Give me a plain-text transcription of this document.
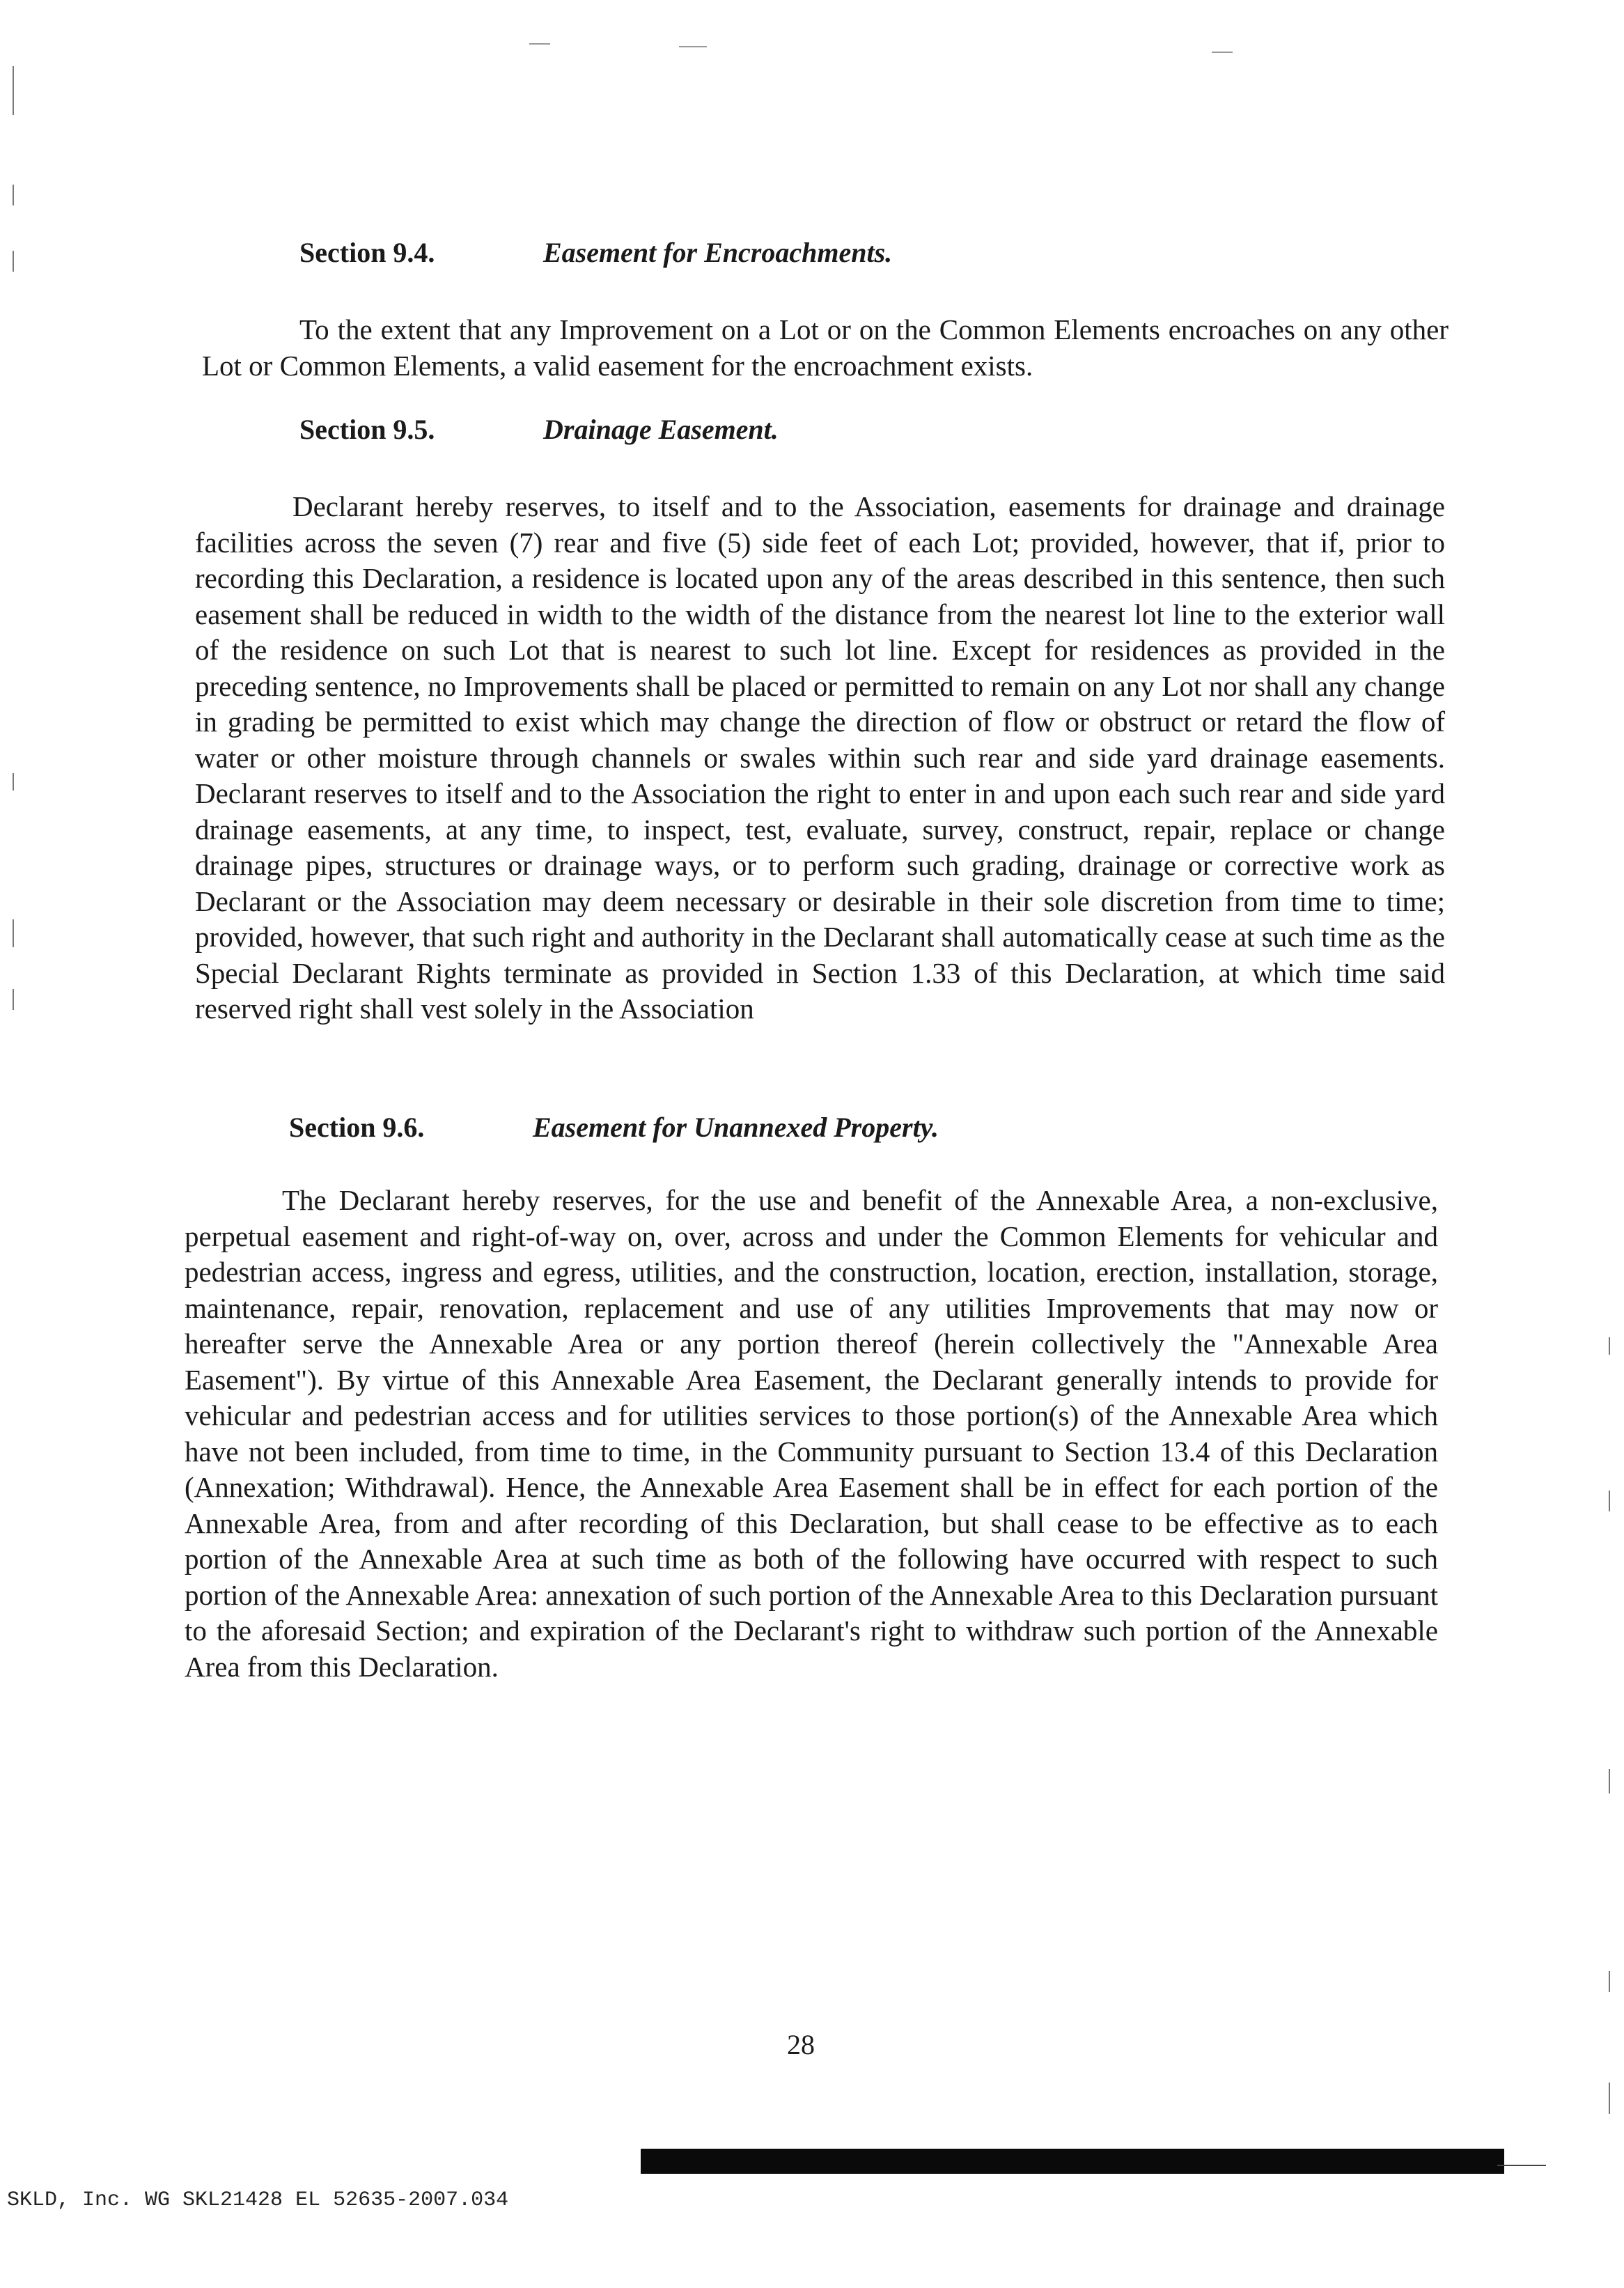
Section 9.4.	Easement for Encroachments.

To the extent that any Improvement on a Lot or on the Common Elements encroaches on any other Lot or Common Elements, a valid easement for the encroachment exists.

Section 9.5.	Drainage Easement.

Declarant hereby reserves, to itself and to the Association, easements for drainage and drainage facilities across the seven (7) rear and five (5) side feet of each Lot; provided, however, that if, prior to recording this Declaration, a residence is located upon any of the areas described in this sentence, then such easement shall be reduced in width to the width of the distance from the nearest lot line to the exterior wall of the residence on such Lot that is nearest to such lot line. Except for residences as provided in the preceding sentence, no Improvements shall be placed or permitted to remain on any Lot nor shall any change in grading be permitted to exist which may change the direction of flow or obstruct or retard the flow of water or other moisture through channels or swales within such rear and side yard drainage easements. Declarant reserves to itself and to the Association the right to enter in and upon each such rear and side yard drainage easements, at any time, to inspect, test, evaluate, survey, construct, repair, replace or change drainage pipes, structures or drainage ways, or to perform such grading, drainage or corrective work as Declarant or the Association may deem necessary or desirable in their sole discretion from time to time; provided, however, that such right and authority in the Declarant shall automatically cease at such time as the Special Declarant Rights terminate as provided in Section 1.33 of this Declaration, at which time said reserved right shall vest solely in the Association

Section 9.6.	Easement for Unannexed Property.

The Declarant hereby reserves, for the use and benefit of the Annexable Area, a non-exclusive, perpetual easement and right-of-way on, over, across and under the Common Elements for vehicular and pedestrian access, ingress and egress, utilities, and the construction, location, erection, installation, storage, maintenance, repair, renovation, replacement and use of any utilities Improvements that may now or hereafter serve the Annexable Area or any portion thereof (herein collectively the "Annexable Area Easement"). By virtue of this Annexable Area Easement, the Declarant generally intends to provide for vehicular and pedestrian access and for utilities services to those portion(s) of the Annexable Area which have not been included, from time to time, in the Community pursuant to Section 13.4 of this Declaration (Annexation; Withdrawal). Hence, the Annexable Area Easement shall be in effect for each portion of the Annexable Area, from and after recording of this Declaration, but shall cease to be effective as to each portion of the Annexable Area at such time as both of the following have occurred with respect to such portion of the Annexable Area: annexation of such portion of the Annexable Area to this Declaration pursuant to the aforesaid Section; and expiration of the Declarant's right to withdraw such portion of the Annexable Area from this Declaration.

28
SKLD, Inc. WG SKL21428 EL 52635-2007.034
